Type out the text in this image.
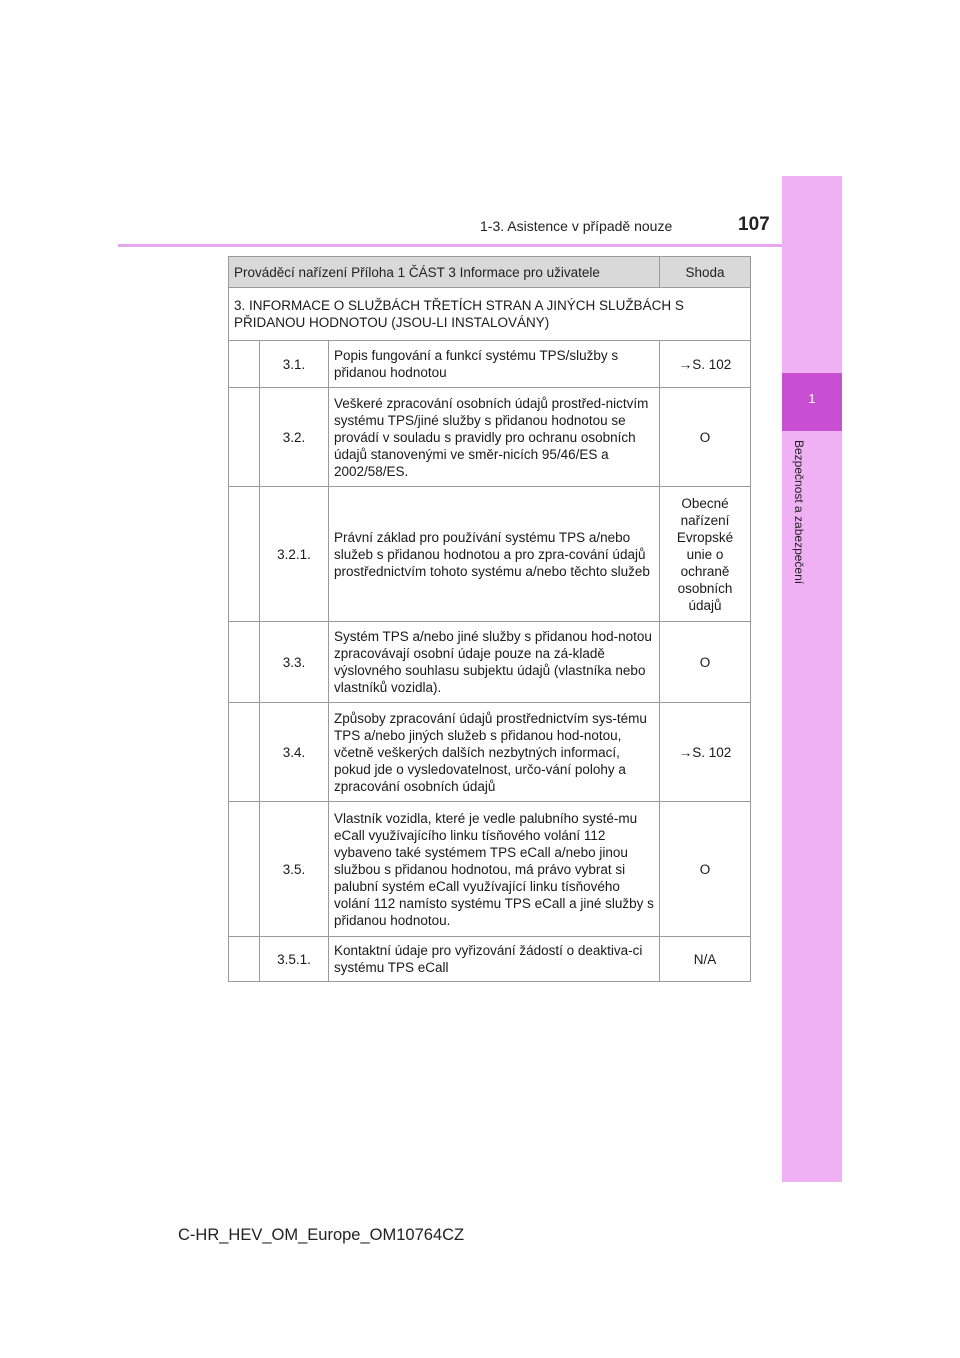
1-3. Asistence v případě nouze	107
1
Bezpečnost a zabezpečení
Prováděcí nařízení Příloha 1 ČÁST 3 Informace pro uživatele			Shoda
3. INFORMACE O SLUŽBÁCH TŘETÍCH STRAN A JINÝCH SLUŽBÁCH S PŘIDANOU HODNOTOU (JSOU-LI INSTALOVÁNY)			
	3.1.	Popis fungování a funkcí systému TPS/služby s přidanou hodnotou	→S. 102
	3.2.	Veškeré zpracování osobních údajů prostřed-nictvím systému TPS/jiné služby s přidanou hodnotou se provádí v souladu s pravidly pro ochranu osobních údajů stanovenými ve směr-nicích 95/46/ES a 2002/58/ES.	O
	3.2.1.	Právní základ pro používání systému TPS a/nebo služeb s přidanou hodnotou a pro zpra-cování údajů prostřednictvím tohoto systému a/nebo těchto služeb	Obecné nařízení Evropské unie o ochraně osobních údajů
	3.3.	Systém TPS a/nebo jiné služby s přidanou hod-notou zpracovávají osobní údaje pouze na zá-kladě výslovného souhlasu subjektu údajů (vlastníka nebo vlastníků vozidla).	O
	3.4.	Způsoby zpracování údajů prostřednictvím sys-tému TPS a/nebo jiných služeb s přidanou hod-notou, včetně veškerých dalších nezbytných informací, pokud jde o vysledovatelnost, určo-vání polohy a zpracování osobních údajů	→S. 102
	3.5.	Vlastník vozidla, které je vedle palubního systé-mu eCall využívajícího linku tísňového volání 112 vybaveno také systémem TPS eCall a/nebo jinou službou s přidanou hodnotou, má právo vybrat si palubní systém eCall využívající linku tísňového volání 112 namísto systému TPS eCall a jiné služby s přidanou hodnotou.	O
	3.5.1.	Kontaktní údaje pro vyřizování žádostí o deaktiva-ci systému TPS eCall	N/A
C-HR_HEV_OM_Europe_OM10764CZ
